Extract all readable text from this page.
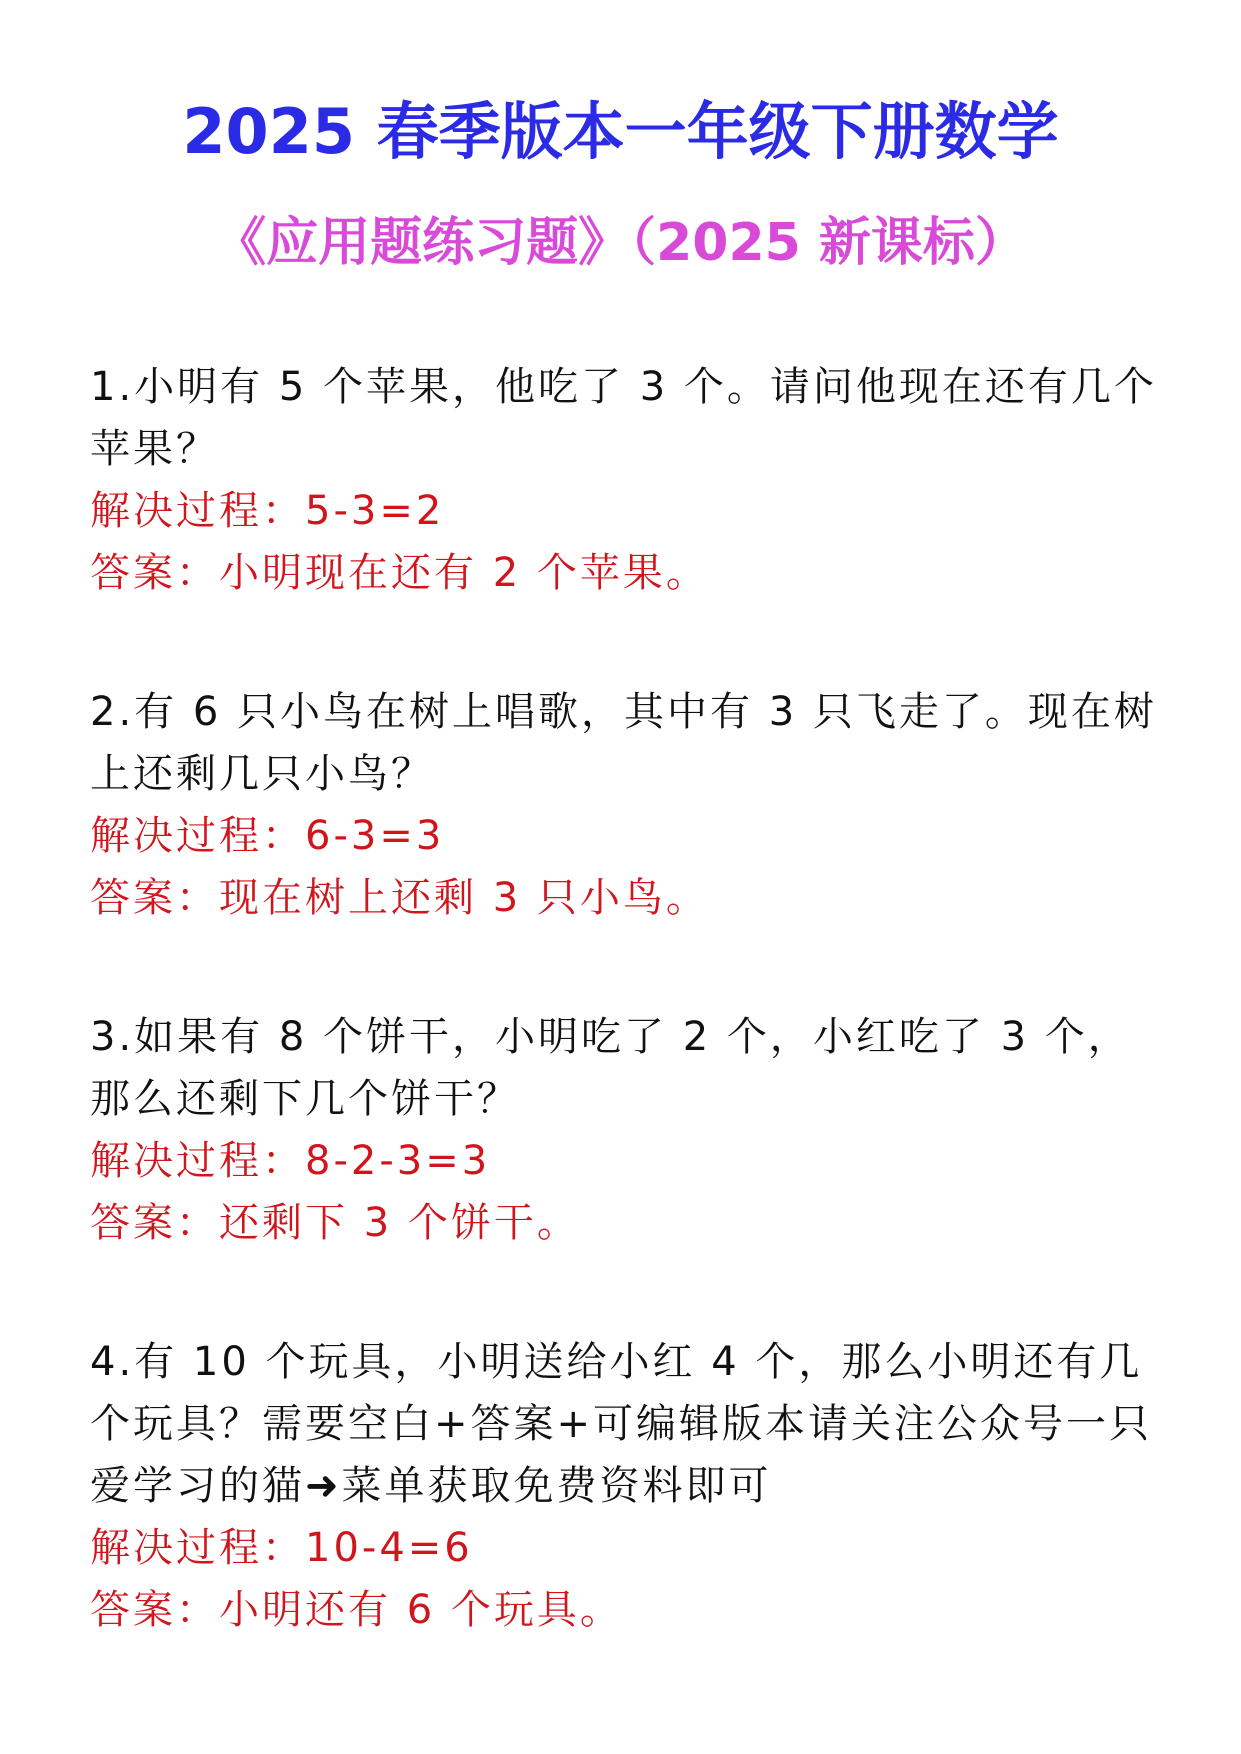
2025 春季版本一年级下册数学
《应用题练习题》（2025 新课标）

1.小明有 5 个苹果，他吃了 3 个。请问他现在还有几个苹果？

解决过程：5-3=2

答案：小明现在还有 2 个苹果。

2.有 6 只小鸟在树上唱歌，其中有 3 只飞走了。现在树上还剩几只小鸟？

解决过程：6-3=3

答案：现在树上还剩 3 只小鸟。

3.如果有 8 个饼干，小明吃了 2 个，小红吃了 3 个，那么还剩下几个饼干？

解决过程：8-2-3=3

答案：还剩下 3 个饼干。

4.有 10 个玩具，小明送给小红 4 个，那么小明还有几个玩具？需要空白+答案+可编辑版本请关注公众号一只爱学习的猫➜菜单获取免费资料即可

解决过程：10-4=6

答案：小明还有 6 个玩具。
